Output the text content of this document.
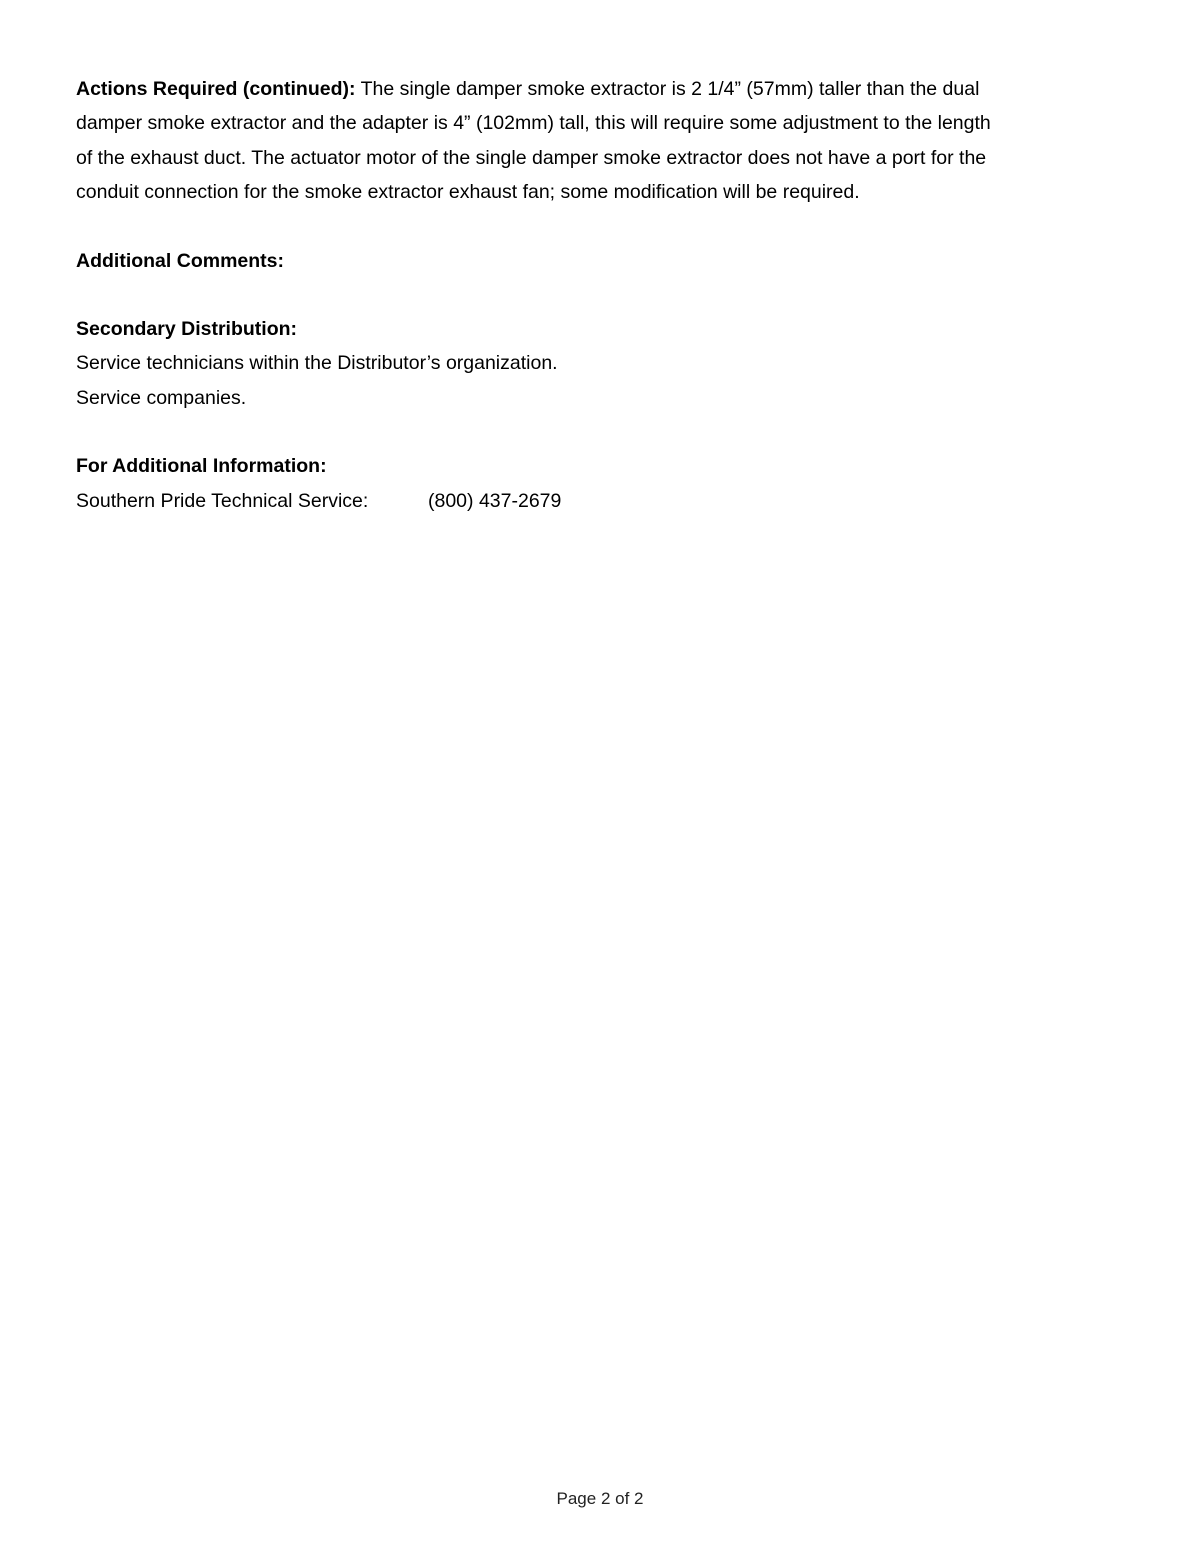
Actions Required (continued): The single damper smoke extractor is 2 1/4” (57mm) taller than the dual
damper smoke extractor and the adapter is 4” (102mm) tall, this will require some adjustment to the length
of the exhaust duct. The actuator motor of the single damper smoke extractor does not have a port for the
conduit connection for the smoke extractor exhaust fan; some modification will be required.
Additional Comments:
Secondary Distribution:
Service technicians within the Distributor’s organization.
Service companies.
For Additional Information:
Southern Pride Technical Service:	(800) 437-2679
Page 2 of 2
